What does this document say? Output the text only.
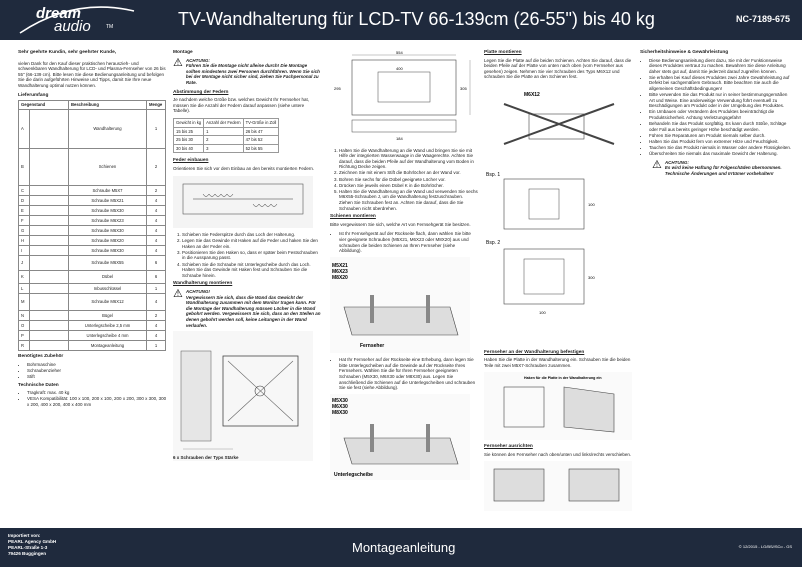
dream
audio	TM	TV-Wandhalterung für LCD-TV 66-139cm (26-55") bis 40 kg	NC-7189-675
Sehr geehrte Kundin, sehr geehrter Kunde,

vielen Dank für den Kauf dieser praktischen herauszieh- und schwenkbaren Wandhalterung für LCD- und Plasma-Fernseher von 26 bis 55" (66-139 cm). Bitte lesen Sie diese Bedienungsanleitung und befolgen Sie die darin aufgeführten Hinweise und Tipps, damit Sie Ihre neue Wandhalterung optimal nutzen können.

Lieferumfang
Gegenstand		Beschreibung	Menge
A		Wandhalterung	1
B		Schienen	2
C		Schraube M5X7	2
D		Schraube M5X21	4
E		Schraube M5X30	4
F		Schraube M6X23	4
G		Schraube M6X30	4
H		Schraube M8X20	4
I		Schraube M8X30	4
J		Schraube M6X55	6
K		Dübel	6
L		Inbusschlüssel	1
M		Schraube M6X12	4
N		Bügel	2
O		Unterlegscheibe 2,5 mm	4
P		Unterlegscheibe 4 mm	4
R		Montageanleitung	1
Benötigtes Zubehör
• Bohrmaschine
• Schraubenzieher
• Stift
Technische Daten
• Tragkraft: max. 40 kg
• VESA Kompatibilität: 100 x 100, 200 x 100, 200 x 200, 300 x 300, 300 x 200, 400 x 200, 400 x 400 mm
Montage
⚠ ACHTUNG:
Führen Sie die Montage nicht alleine durch! Die Montage sollten mindestens zwei Personen durchführen. Wenn Sie sich bei der Montage nicht sicher sind, ziehen Sie Fachpersonal zu Rate.
Abstimmung der Federn

Je nachdem welche Größe bzw. welches Gewicht Ihr Fernseher hat, müssen Sie die Anzahl der Federn darauf anpassen (siehe untere Tabelle).

Gewicht in kg	Anzahl der Federn	TV-Größe in Zoll
15 bis 25	1	26 bis 47
25 bis 30	2	47 bis 52
30 bis 40	3	52 bis 55
Feder einbauen

Orientieren Sie sich vor dem Einbau an den bereits montierten Federn.

1. Schieben Sie Federspitze durch das Loch der Halterung.
2. Legen Sie das Gewinde mit Haken auf die Feder und haken Sie den Haken an der Feder ein.
3. Positionieren Sie den Haken so, dass er später beim Festschrauben in die Aussparung passt.
4. Schieben Sie die Schraube mit Unterlegscheibe durch das Loch. Halten Sie das Gewinde mit Haken fest und Schrauben Sie die Schraube hinein.
Wandhalterung montieren
⚠ ACHTUNG!
Vergewissern Sie sich, dass die Wand das Gewicht der Wandhalterung zusammen mit dem Monitor tragen kann. Für die Montage der Wandhalterung müssen Löcher in die Wand gebohrt werden. Vergewissern Sie sich, dass an den Stellen an denen gebohrt werden soll, keine Leitungen in der Wand verlaufen.
6 x Schrauben der Typs Stärke
554
400
305
295
184
1. Halten Sie die Wandhalterung an die Wand und bringen Sie sie mit Hilfe der integrierten Wasserwaage in die Waagerechte. Achten Sie darauf, dass die beiden Pfeile auf der Wandhalterung vom Boden in Richtung Decke zeigen.
2. Zeichnen Sie mit einem Stift die Bohrlöcher an der Wand vor.
3. Bohren Sie sechs für die Dübel geeignete Löcher vor.
4. Drücken Sie jeweils einen Dübel K in die Bohrlöcher.
5. Halten Sie die Wandhalterung an die Wand und verwenden Sie sechs M6X55-Schrauben J, um die Wandhalterung festzuschrauben. Ziehen Sie Schrauben fest an. Achten Sie darauf, dass die Sie Schrauben nicht überdrehen.
Schienen montieren

Bitte vergewissern Sie sich, welche Art von Fernsehgerät Sie besitzen.

• Ist Ihr Fernsehgerät auf der Rückseite flach, dann wählen Sie bitte vier geeignete Schrauben (M5X21, M6X23 oder M8X20) aus und schrauben die beiden Schienen an Ihren Fernseher (siehe Abbildung).
M5X21
M6X23
M8X20
Fernseher
• Hat Ihr Fernseher auf der Rückseite eine Erhebung, dann legen Sie bitte Unterlegscheiben auf die Gewinde auf der Rückseite Ihres Fernsehers. Wählen Sie die für Ihren Fernseher geeigneten Schrauben (M5X30, M6X30 oder M8X30) aus. Legen Sie anschließend die Schienen auf die Unterlegscheiben und schrauben Sie sie fest (siehe Abbildung).
M5X30
M6X30
M8X30
Unterlegscheibe
Platte montieren

Legen Sie die Platte auf die beiden Schienen. Achten Sie darauf, dass die beiden Pfeile auf der Platte von unten nach oben (vom Fernseher aus gesehen) zeigen. Nehmen Sie vier Schrauben des Typs M6X12 und schrauben Sie die Platte an den Schienen fest.

M6X12
Bsp. 1
100
Bsp. 2
300
100
Fernseher an der Wandhalterung befestigen

Haben Sie die Platte in der Wandhalterung ein. Schrauben Sie die beiden Teile mit zwei M5X7-Schrauben zusammen.

Haken für die Platte in der Wandhalterung ein
Fernseher ausrichten

Sie können den Fernseher nach oben/unten und links/rechts verschieben.

Sicherheitshinweise & Gewährleistung
• Diese Bedienungsanleitung dient dazu, Sie mit der Funktionsweise dieses Produktes vertraut zu machen. Bewahren Sie diese Anleitung daher stets gut auf, damit Sie jederzeit darauf zugreifen können.
• Sie erhalten bei Kauf dieses Produktes zwei Jahre Gewährleistung auf Defekt bei sachgemäßem Gebrauch. Bitte beachten Sie auch die allgemeinen Geschäftsbedingungen!
• Bitte verwenden Sie das Produkt nur in seiner bestimmungsgemäßen Art und Weise. Eine anderweitige Verwendung führt eventuell zu Beschädigungen am Produkt oder in der Umgebung des Produktes.
• Ein Umbauen oder Verändern des Produktes beeinträchtigt die Produktsicherheit. Achtung Verletzungsgefahr!
• Behandeln Sie das Produkt sorgfältig. Es kann durch Stöße, Schläge oder Fall aus bereits geringer Höhe beschädigt werden.
• Führen Sie Reparaturen am Produkt niemals selber durch.
• Halten Sie das Produkt fern von extremer Hitze und Feuchtigkeit.
• Tauchen Sie das Produkt niemals in Wasser oder andere Flüssigkeiten.
• Überschreiten Sie niemals das maximale Gewicht der Halterung.
⚠ ACHTUNG:
Es wird keine Haftung für Folgeschäden übernommen. Technische Änderungen und Irrtümer vorbehalten!
Importiert von:
PEARL Agency GmbH
PEARL-Straße 1-3
79426 Buggingen	Montageanleitung	© 12/2015 - LG/BS//SCo - GS
